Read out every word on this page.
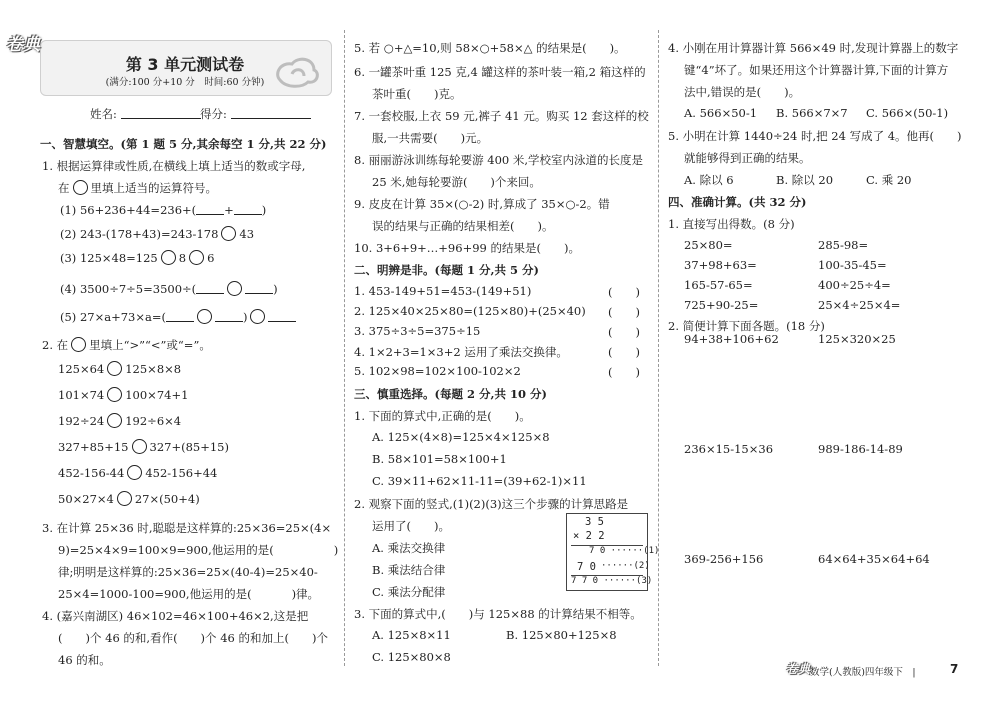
卷典
第 3 单元测试卷
(满分:100 分+10 分　时间:60 分钟)
姓名:	得分:
一、智慧填空。(第 1 题 5 分,其余每空 1 分,共 22 分)
1. 根据运算律或性质,在横线上填上适当的数或字母,
在 里填上适当的运算符号。
(1) 56+236+44=236+( + )
(2) 243-(178+43)=243-178 43
(3) 125×48=125 8 6
(4) 3500÷7÷5=3500÷(	)
(5) 27×a+73×a=(	)
2. 在 里填上“>”“<”或“=”。
125×64 125×8×8
101×74 100×74+1
192÷24 192÷6×4
327+85+15 327+(85+15)
452-156-44 452-156+44
50×27×4 27×(50+4)
3. 在计算 25×36 时,聪聪是这样算的:25×36=25×(4×
9)=25×4×9=100×9=900,他运用的是(	)
律;明明是这样算的:25×36=25×(40-4)=25×40-
25×4=1000-100=900,他运用的是(	)律。
4. (嘉兴南湖区) 46×102=46×100+46×2,这是把
(　　)个 46 的和,看作(　　)个 46 的和加上(　　)个
46 的和。
5. 若 ○+△=10,则 58×○+58×△ 的结果是(　　)。
6. 一罐茶叶重 125 克,4 罐这样的茶叶装一箱,2 箱这样的
茶叶重(　　)克。
7. 一套校服,上衣 59 元,裤子 41 元。购买 12 套这样的校
服,一共需要(　　)元。
8. 丽丽游泳训练每轮要游 400 米,学校室内泳道的长度是
25 米,她每轮要游(　　)个来回。
9. 皮皮在计算 35×(○-2) 时,算成了 35×○-2。错
误的结果与正确的结果相差(　　)。
10. 3+6+9+…+96+99 的结果是(　　)。
二、明辨是非。(每题 1 分,共 5 分)
1. 453-149+51=453-(149+51)	(　　)
2. 125×40×25×80=(125×80)+(25×40) (　　)
3. 375÷3÷5=375÷15	(　　)
4. 1×2+3=1×3+2 运用了乘法交换律。	(　　)
5. 102×98=102×100-102×2	(　　)
三、慎重选择。(每题 2 分,共 10 分)
1. 下面的算式中,正确的是(　　)。
A. 125×(4×8)=125×4×125×8
B. 58×101=58×100+1
C. 39×11+62×11-11=(39+62-1)×11
2. 观察下面的竖式,(1)(2)(3)这三个步骤的计算思路是
运用了(　　)。
A. 乘法交换律
B. 乘法结合律
C. 乘法分配律
3 5
× 2 2
7 0 ······(1)
7 0 ······(2)
7 7 0 ······(3)
3. 下面的算式中,(　　)与 125×88 的计算结果不相等。
A. 125×8×11	B. 125×80+125×8
C. 125×80×8
4. 小刚在用计算器计算 566×49 时,发现计算器上的数字
键“4”坏了。如果还用这个计算器计算,下面的计算方
法中,错误的是(　　)。
A. 566×50-1 B. 566×7×7 C. 566×(50-1)
5. 小明在计算 1440÷24 时,把 24 写成了 4。他再(　　)
就能够得到正确的结果。
A. 除以 6	B. 除以 20	C. 乘 20
四、准确计算。(共 32 分)
1. 直接写出得数。(8 分)
25×80=	285-98=
37+98+63=	100-35-45=
165-57-65=	400÷25÷4=
725+90-25=	25×4÷25×4=
2. 简便计算下面各题。(18 分)
94+38+106+62	125×320×25
236×15-15×36	989-186-14-89
369-256+156	64×64+35×64+64
卷典 数学(人教版)四年级下　|	7
